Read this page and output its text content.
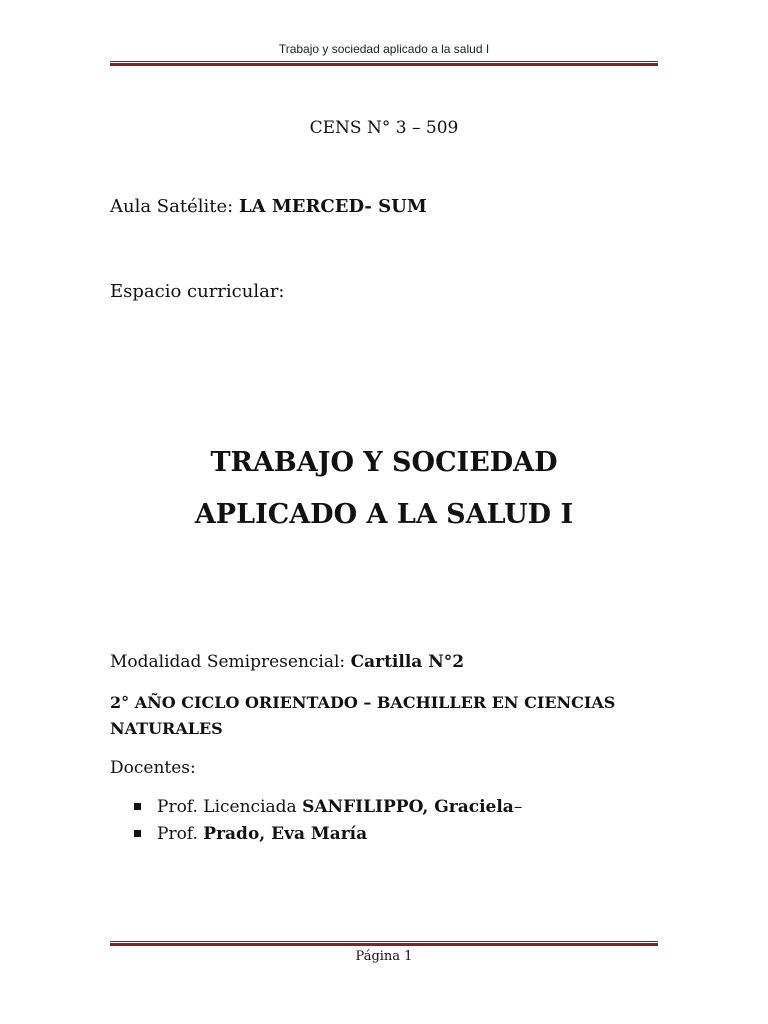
Trabajo y sociedad aplicado a la salud I
CENS N° 3 – 509
Aula Satélite: LA MERCED- SUM
Espacio curricular:
TRABAJO Y SOCIEDAD
APLICADO A LA SALUD I
Modalidad Semipresencial: Cartilla N°2
2° AÑO CICLO ORIENTADO – BACHILLER EN CIENCIAS NATURALES
Docentes:
Prof. Licenciada
SANFILIPPO, Graciela –
Prof.
Prado, Eva María
Página 1
